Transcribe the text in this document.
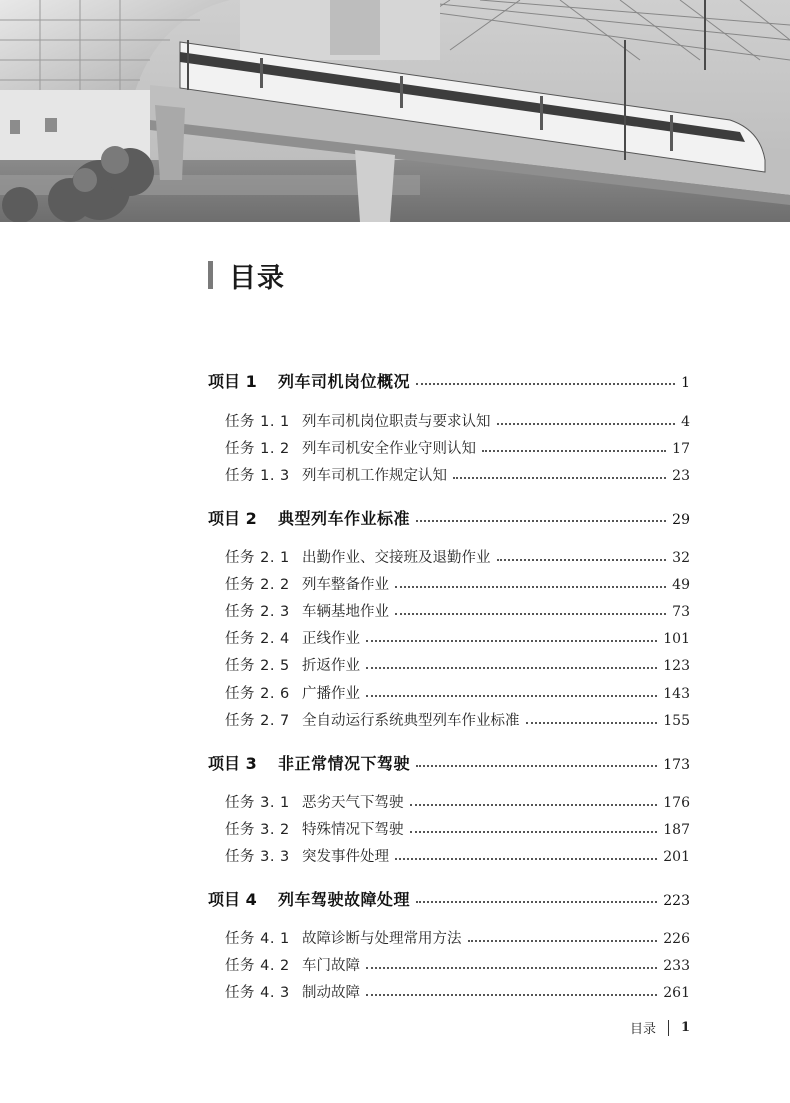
目录
项目 1	列车司机岗位概况	1
任务 1. 1 列车司机岗位职责与要求认知	4
任务 1. 2 列车司机安全作业守则认知	17
任务 1. 3 列车司机工作规定认知	23
项目 2	典型列车作业标准	29
任务 2. 1 出勤作业、交接班及退勤作业	32
任务 2. 2 列车整备作业	49
任务 2. 3 车辆基地作业	73
任务 2. 4 正线作业	101
任务 2. 5 折返作业	123
任务 2. 6 广播作业	143
任务 2. 7 全自动运行系统典型列车作业标准	155
项目 3	非正常情况下驾驶	173
任务 3. 1 恶劣天气下驾驶	176
任务 3. 2 特殊情况下驾驶	187
任务 3. 3 突发事件处理	201
项目 4	列车驾驶故障处理	223
任务 4. 1 故障诊断与处理常用方法	226
任务 4. 2 车门故障	233
任务 4. 3 制动故障	261
目录 1
